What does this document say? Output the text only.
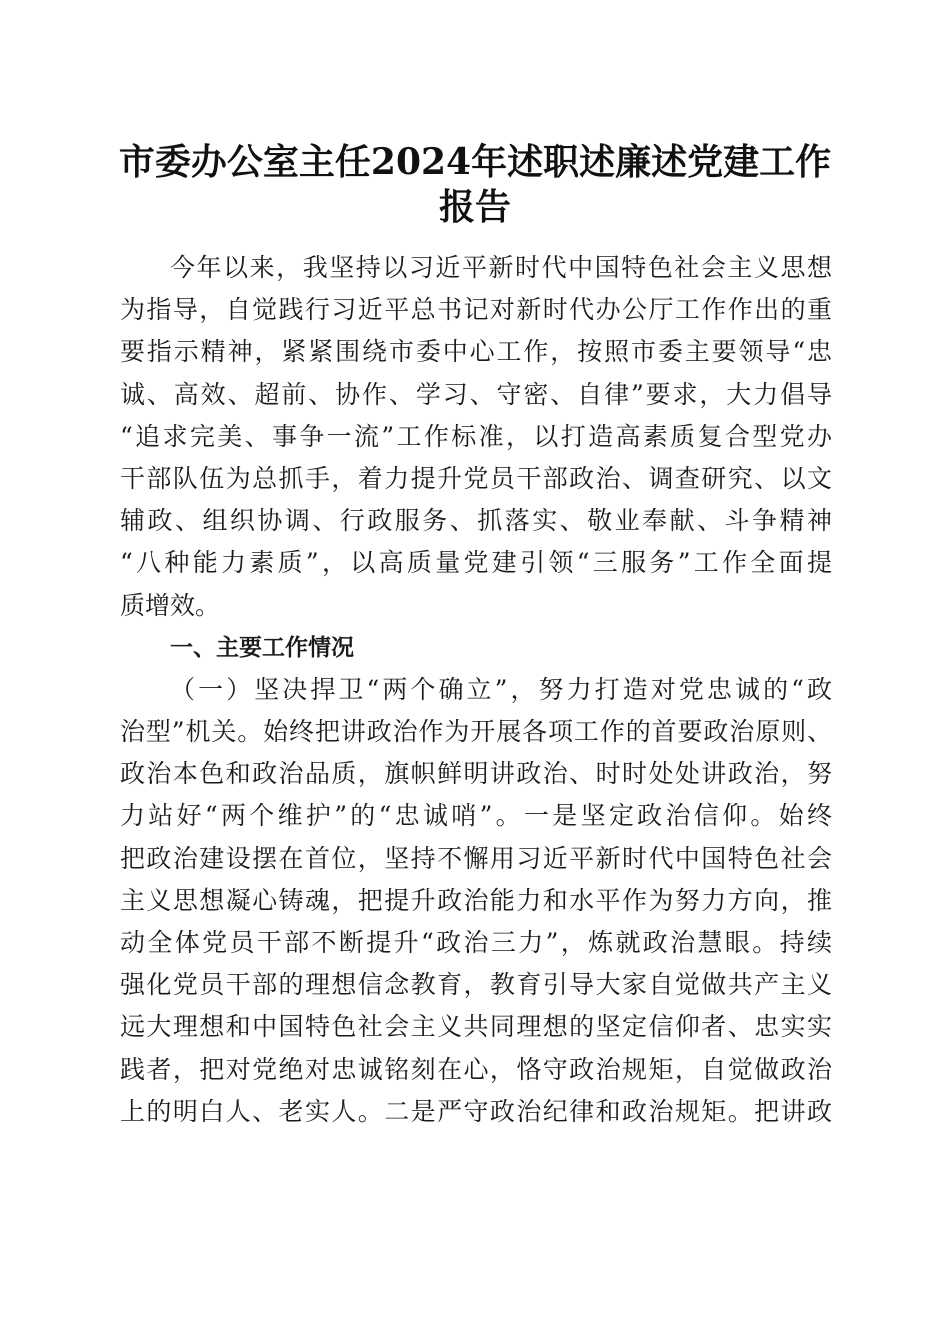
市委办公室主任2024年述职述廉述党建工作
报告
今年以来，我坚持以习近平新时代中国特色社会主义思想
为指导，自觉践行习近平总书记对新时代办公厅工作作出的重
要指示精神，紧紧围绕市委中心工作，按照市委主要领导“忠
诚、高效、超前、协作、学习、守密、自律”要求，大力倡导
“追求完美、事争一流”工作标准，以打造高素质复合型党办
干部队伍为总抓手，着力提升党员干部政治、调查研究、以文
辅政、组织协调、行政服务、抓落实、敬业奉献、斗争精神
“八种能力素质”，以高质量党建引领“三服务”工作全面提
质增效。
一、主要工作情况
（一）坚决捍卫“两个确立”，努力打造对党忠诚的“政
治型”机关。始终把讲政治作为开展各项工作的首要政治原则、
政治本色和政治品质，旗帜鲜明讲政治、时时处处讲政治，努
力站好“两个维护”的“忠诚哨”。一是坚定政治信仰。始终
把政治建设摆在首位，坚持不懈用习近平新时代中国特色社会
主义思想凝心铸魂，把提升政治能力和水平作为努力方向，推
动全体党员干部不断提升“政治三力”，炼就政治慧眼。持续
强化党员干部的理想信念教育，教育引导大家自觉做共产主义
远大理想和中国特色社会主义共同理想的坚定信仰者、忠实实
践者，把对党绝对忠诚铭刻在心，恪守政治规矩，自觉做政治
上的明白人、老实人。二是严守政治纪律和政治规矩。把讲政
